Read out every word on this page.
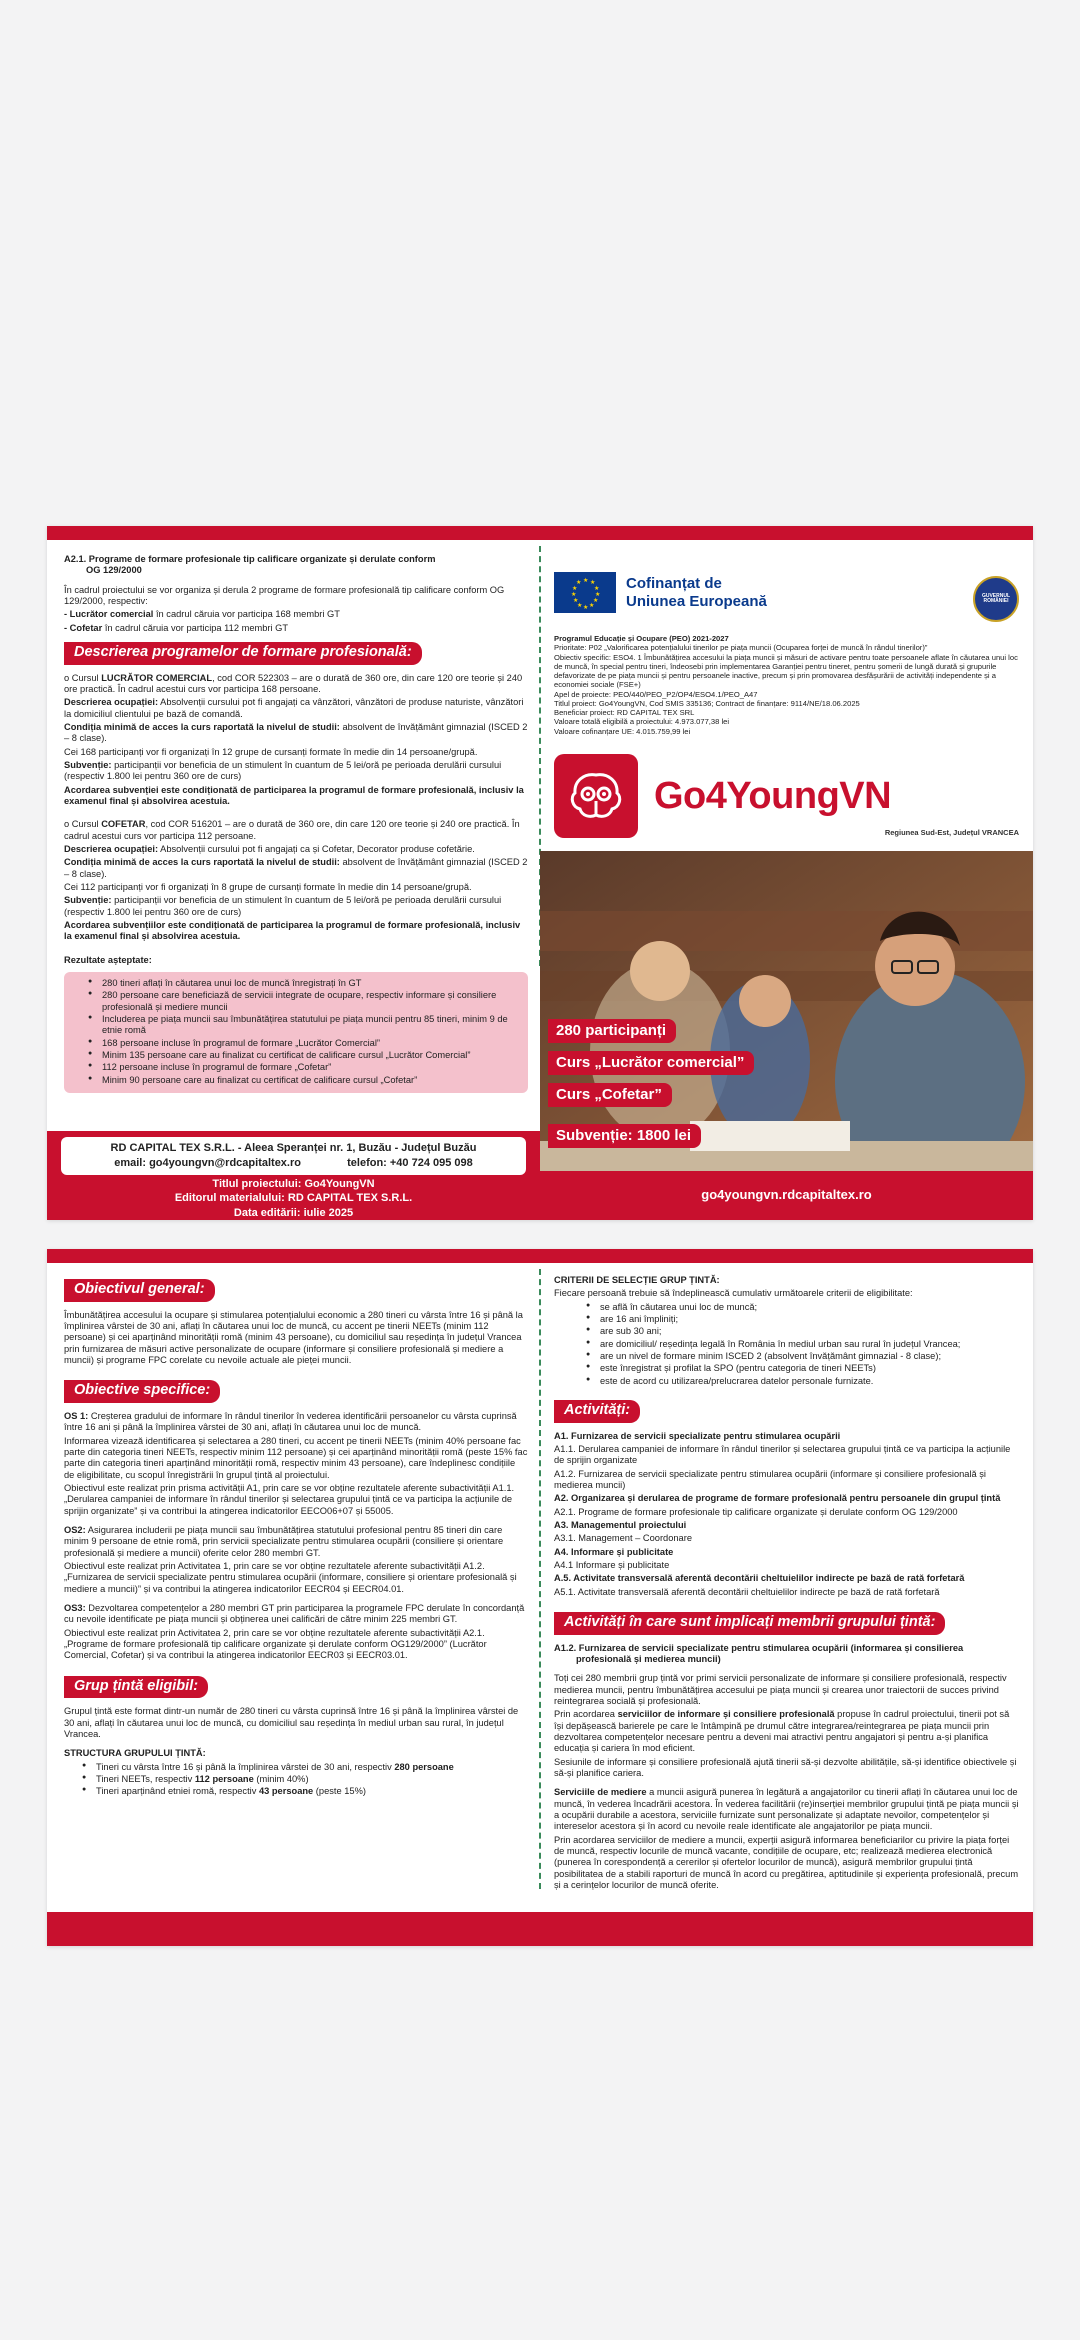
A2.1. Programe de formare profesionale tip calificare organizate și derulate conform
OG 129/2000

În cadrul proiectului se vor organiza și derula 2 programe de formare profesională tip calificare conform OG 129/2000, respectiv:

- Lucrător comercial în cadrul căruia vor participa 168 membri GT

- Cofetar în cadrul căruia vor participa 112 membri GT

Descrierea programelor de formare profesională:

o Cursul LUCRĂTOR COMERCIAL, cod COR 522303 – are o durată de 360 ore, din care 120 ore teorie și 240 ore practică. În cadrul acestui curs vor participa 168 persoane.

Descrierea ocupației: Absolvenții cursului pot fi angajați ca vânzători, vânzători de produse naturiste, vânzători la domiciliul clientului pe bază de comandă.

Condiția minimă de acces la curs raportată la nivelul de studii: absolvent de învățământ gimnazial (ISCED 2 – 8 clase).

Cei 168 participanți vor fi organizați în 12 grupe de cursanți formate în medie din 14 persoane/grupă.

Subvenție: participanții vor beneficia de un stimulent în cuantum de 5 lei/oră pe perioada derulării cursului (respectiv 1.800 lei pentru 360 ore de curs)

Acordarea subvenției este condiționată de participarea la programul de formare profesională, inclusiv la examenul final și absolvirea acestuia.

o Cursul COFETAR, cod COR 516201 – are o durată de 360 ore, din care 120 ore teorie și 240 ore practică. În cadrul acestui curs vor participa 112 persoane.

Descrierea ocupației: Absolvenții cursului pot fi angajați ca și Cofetar, Decorator produse cofetărie.

Condiția minimă de acces la curs raportată la nivelul de studii: absolvent de învățământ gimnazial (ISCED 2 – 8 clase).

Cei 112 participanți vor fi organizați în 8 grupe de cursanți formate în medie din 14 persoane/grupă.

Subvenție: participanții vor beneficia de un stimulent în cuantum de 5 lei/oră pe perioada derulării cursului (respectiv 1.800 lei pentru 360 ore de curs)

Acordarea subvențiilor este condiționată de participarea la programul de formare profesională, inclusiv la examenul final și absolvirea acestuia.

Rezultate așteptate:

● 280 tineri aflați în căutarea unui loc de muncă înregistrați în GT
● 280 persoane care beneficiază de servicii integrate de ocupare, respectiv informare și consiliere profesională și mediere muncii
● Includerea pe piața muncii sau îmbunătățirea statutului pe piața muncii pentru 85 tineri, minim 9 de etnie romă
● 168 persoane incluse în programul de formare „Lucrător Comercial”
● Minim 135 persoane care au finalizat cu certificat de calificare cursul „Lucrător Comercial”
● 112 persoane incluse în programul de formare „Cofetar”
● Minim 90 persoane care au finalizat cu certificat de calificare cursul „Cofetar”
RD CAPITAL TEX S.R.L. - Aleea Speranței nr. 1, Buzău - Județul Buzău
email: go4youngvn@rdcapitaltex.ro	telefon: +40 724 095 098
Titlul proiectului: Go4YoungVN
Editorul materialului: RD CAPITAL TEX S.R.L.
Data editării: iulie 2025
★ ★
★
★
★
★
★
★
★
★
★
★	Cofinanțat de
Uniunea Europeană	GUVERNUL ROMÂNIEI
Programul Educație și Ocupare (PEO) 2021-2027
Prioritate: P02 „Valorificarea potențialului tinerilor pe piața muncii (Ocuparea forței de muncă în rândul tinerilor)”
Obiectiv specific: ESO4. 1 Îmbunătățirea accesului la piața muncii și măsuri de activare pentru toate persoanele aflate în căutarea unui loc de muncă, în special pentru tineri, îndeosebi prin implementarea Garanției pentru tineret, pentru șomerii de lungă durată și grupurile defavorizate de pe piața muncii și pentru persoanele inactive, precum și prin promovarea desfășurării de activități independente și a economiei sociale (FSE+)
Apel de proiecte: PEO/440/PEO_P2/OP4/ESO4.1/PEO_A47
Titlul proiect: Go4YoungVN, Cod SMIS 335136; Contract de finanțare: 9114/NE/18.06.2025
Beneficiar proiect: RD CAPITAL TEX SRL
Valoare totală eligibilă a proiectului: 4.973.077,38 lei
Valoare cofinanțare UE: 4.015.759,99 lei
Go4YoungVN
Regiunea Sud-Est, Județul VRANCEA
280 participanți
Curs „Lucrător comercial”
Curs „Cofetar”
Subvenție: 1800 lei
go4youngvn.rdcapitaltex.ro
Obiectivul general:

Îmbunătățirea accesului la ocupare și stimularea potențialului economic a 280 tineri cu vârsta între 16 și până la împlinirea vârstei de 30 ani, aflați în căutarea unui loc de muncă, cu accent pe tinerii NEETs (minim 112 persoane) și cei aparținând minorității romă (minim 43 persoane), cu domiciliul sau reședința în județul Vrancea prin furnizarea de măsuri active personalizate de ocupare (informare și consiliere profesională și mediere a muncii) și programe FPC corelate cu nevoile actuale ale pieței muncii.

Obiective specifice:

OS 1: Creșterea gradului de informare în rândul tinerilor în vederea identificării persoanelor cu vârsta cuprinsă între 16 ani și până la împlinirea vârstei de 30 ani, aflați în căutarea unui loc de muncă.

Informarea vizează identificarea și selectarea a 280 tineri, cu accent pe tinerii NEETs (minim 40% persoane fac parte din categoria tineri NEETs, respectiv minim 112 persoane) și cei aparținând minorității romă (peste 15% fac parte din categoria tineri aparținând minorității romă, respectiv minim 43 persoane), care îndeplinesc condițiile de eligibilitate, cu scopul înregistrării în grupul țintă al proiectului.

Obiectivul este realizat prin prisma activității A1, prin care se vor obține rezultatele aferente subactivității A1.1. „Derularea campaniei de informare în rândul tinerilor și selectarea grupului țintă ce va participa la acțiunile de sprijin organizate” și va contribui la atingerea indicatorilor EECO06+07 și 55005.

OS2: Asigurarea includerii pe piața muncii sau îmbunătățirea statutului profesional pentru 85 tineri din care minim 9 persoane de etnie romă, prin servicii specializate pentru stimularea ocupării (consiliere și orientare profesională și mediere a muncii) oferite celor 280 membri GT.

Obiectivul este realizat prin Activitatea 1, prin care se vor obține rezultatele aferente subactivității A1.2. „Furnizarea de servicii specializate pentru stimularea ocupării (informare, consiliere și orientare profesională și mediere a muncii)” și va contribui la atingerea indicatorilor EECR04 și EECR04.01.

OS3: Dezvoltarea competențelor a 280 membri GT prin participarea la programele FPC derulate în concordanță cu nevoile identificate pe piața muncii și obținerea unei calificări de către minim 225 membri GT.

Obiectivul este realizat prin Activitatea 2, prin care se vor obține rezultatele aferente subactivității A2.1. „Programe de formare profesională tip calificare organizate și derulate conform OG129/2000” (Lucrător Comercial, Cofetar) și va contribui la atingerea indicatorilor EECR03 și EECR03.01.

Grup țintă eligibil:

Grupul țintă este format dintr-un număr de 280 tineri cu vârsta cuprinsă între 16 și până la împlinirea vârstei de 30 ani, aflați în căutarea unui loc de muncă, cu domiciliul sau reședința în mediul urban sau rural, în județul Vrancea.

STRUCTURA GRUPULUI ȚINTĂ:

● Tineri cu vârsta între 16 și până la împlinirea vârstei de 30 ani, respectiv 280 persoane
● Tineri NEETs, respectiv 112 persoane (minim 40%)
● Tineri aparținând etniei romă, respectiv 43 persoane (peste 15%)

CRITERII DE SELECȚIE GRUP ȚINTĂ:

Fiecare persoană trebuie să îndeplinească cumulativ următoarele criterii de eligibilitate:

● se află în căutarea unui loc de muncă;
● are 16 ani împliniți;
● are sub 30 ani;
● are domiciliul/ reședința legală în România în mediul urban sau rural în județul Vrancea;
● are un nivel de formare minim ISCED 2 (absolvent învățământ gimnazial - 8 clase);
● este înregistrat și profilat la SPO (pentru categoria de tineri NEETs)
● este de acord cu utilizarea/prelucrarea datelor personale furnizate.
Activități:

A1. Furnizarea de servicii specializate pentru stimularea ocupării

A1.1. Derularea campaniei de informare în rândul tinerilor și selectarea grupului țintă ce va participa la acțiunile de sprijin organizate

A1.2. Furnizarea de servicii specializate pentru stimularea ocupării (informare și consiliere profesională și medierea muncii)

A2. Organizarea și derularea de programe de formare profesională pentru persoanele din grupul țintă

A2.1. Programe de formare profesionale tip calificare organizate și derulate conform OG 129/2000

A3. Managementul proiectului

A3.1. Management – Coordonare

A4. Informare și publicitate

A4.1 Informare și publicitate

A.5. Activitate transversală aferentă decontării cheltuielilor indirecte pe bază de rată forfetară

A5.1. Activitate transversală aferentă decontării cheltuielilor indirecte pe bază de rată forfetară

Activități în care sunt implicați membrii grupului țintă:

A1.2. Furnizarea de servicii specializate pentru stimularea ocupării (informarea și consilierea
profesională și medierea muncii)

Toți cei 280 membrii grup țintă vor primi servicii personalizate de informare și consiliere profesională, respectiv medierea muncii, pentru îmbunătățirea accesului pe piața muncii și crearea unor traiectorii de succes privind reintegrarea socială și profesională.

Prin acordarea serviciilor de informare și consiliere profesională propuse în cadrul proiectului, tinerii pot să își depășească barierele pe care le întâmpină pe drumul către integrarea/reintegrarea pe piața muncii prin dezvoltarea competențelor necesare pentru a deveni mai atractivi pentru angajatori și pentru a-și planifica educația și cariera în mod eficient.

Sesiunile de informare și consiliere profesională ajută tinerii să-și dezvolte abilitățile, să-și identifice obiectivele și să-și planifice cariera.

Serviciile de mediere a muncii asigură punerea în legătură a angajatorilor cu tinerii aflați în căutarea unui loc de muncă, în vederea încadrării acestora. În vederea facilitării (re)inserției membrilor grupului țintă pe piața muncii și a ocupării durabile a acestora, serviciile furnizate sunt personalizate și adaptate nevoilor, competențelor și intereselor acestora și în acord cu nevoile reale identificate ale angajatorilor pe piața muncii.

Prin acordarea serviciilor de mediere a muncii, experții asigură informarea beneficiarilor cu privire la piața forței de muncă, respectiv locurile de muncă vacante, condițiile de ocupare, etc; realizează medierea electronică (punerea în corespondență a cererilor și ofertelor locurilor de muncă), asigură membrilor grupului țintă posibilitatea de a stabili raporturi de muncă în acord cu pregătirea, aptitudinile și experiența profesională, precum și a cerințelor locurilor de muncă oferite.
